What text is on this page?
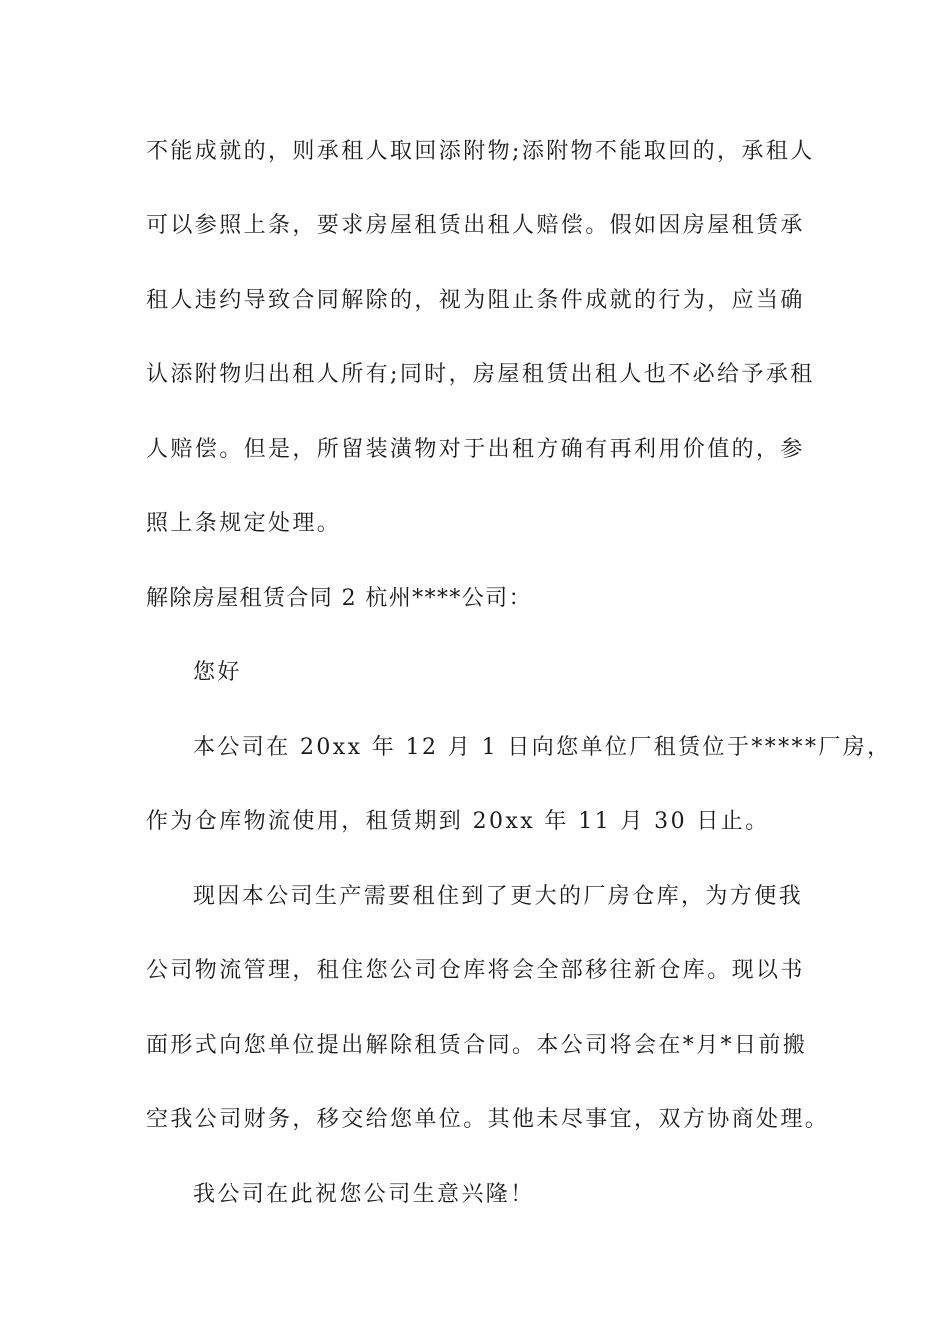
不能成就的，则承租人取回添附物;添附物不能取回的，承租人
可以参照上条，要求房屋租赁出租人赔偿。假如因房屋租赁承
租人违约导致合同解除的，视为阻止条件成就的行为，应当确
认添附物归出租人所有;同时，房屋租赁出租人也不必给予承租
人赔偿。但是，所留装潢物对于出租方确有再利用价值的，参
照上条规定处理。
解除房屋租赁合同 2 杭州****公司：
您好
本公司在 20xx 年 12 月 1 日向您单位厂租赁位于*****厂房，
作为仓库物流使用，租赁期到 20xx 年 11 月 30 日止。
现因本公司生产需要租住到了更大的厂房仓库，为方便我
公司物流管理，租住您公司仓库将会全部移往新仓库。现以书
面形式向您单位提出解除租赁合同。本公司将会在*月*日前搬
空我公司财务，移交给您单位。其他未尽事宜，双方协商处理。
我公司在此祝您公司生意兴隆！
